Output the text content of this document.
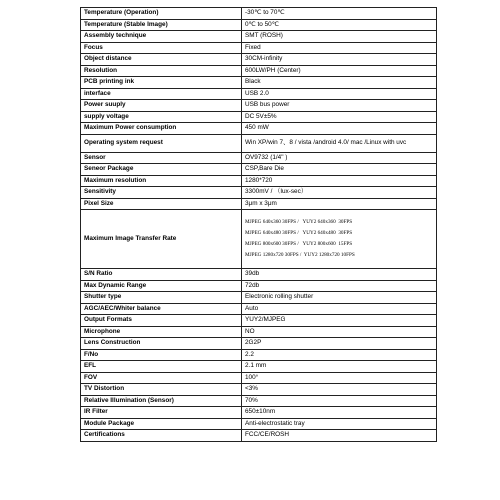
Temperature (Operation)	-30℃ to 70℃
Temperature (Stable Image)	0℃ to 50℃
Assembly technique	SMT (ROSH)
Focus	Fixed
Object distance	30CM-infinity
Resolution	600LW/PH (Center)
PCB printing ink	Black
interface	USB 2.0
Power suuply	USB bus power
supply voltage	DC 5V±5%
Maximum Power consumption	450 mW
Operating system request	Win XP/win 7、8 / vista /android 4.0/ mac /Linux with uvc
Sensor	OV9732 (1/4" )
Seneor Package	CSP,Bare Die
Maximum resolution	1280*720
Sensitivity	3300mV / （lux-sec）
Pixel Size	3μm x 3μm
Maximum Image Transfer Rate	MJPEG 640x360 30FPS /   YUY2 640x360  30FPS
MJPEG 640x480 30FPS /   YUY2 640x480  30FPS
MJPEG 800x600 30FPS /   YUY2 800x600  15FPS
MJPEG 1280x720 30FPS /  YUY2 1280x720 10FPS

S/N Ratio	39db
Max Dynamic Range	72db
Shutter type	Electronic rolling shutter
AGC/AEC/Whiter balance	Auto
Output Formats	YUY2/MJPEG
Microphone	NO
Lens Construction	2G2P
F/No	2.2
EFL	2.1 mm
FOV	100°
TV Distortion	<3%
Relative Illumination (Sensor)	70%
IR Filter	650±10nm
Module Package	Anti-electrostatic tray
Certifications	FCC/CE/ROSH
